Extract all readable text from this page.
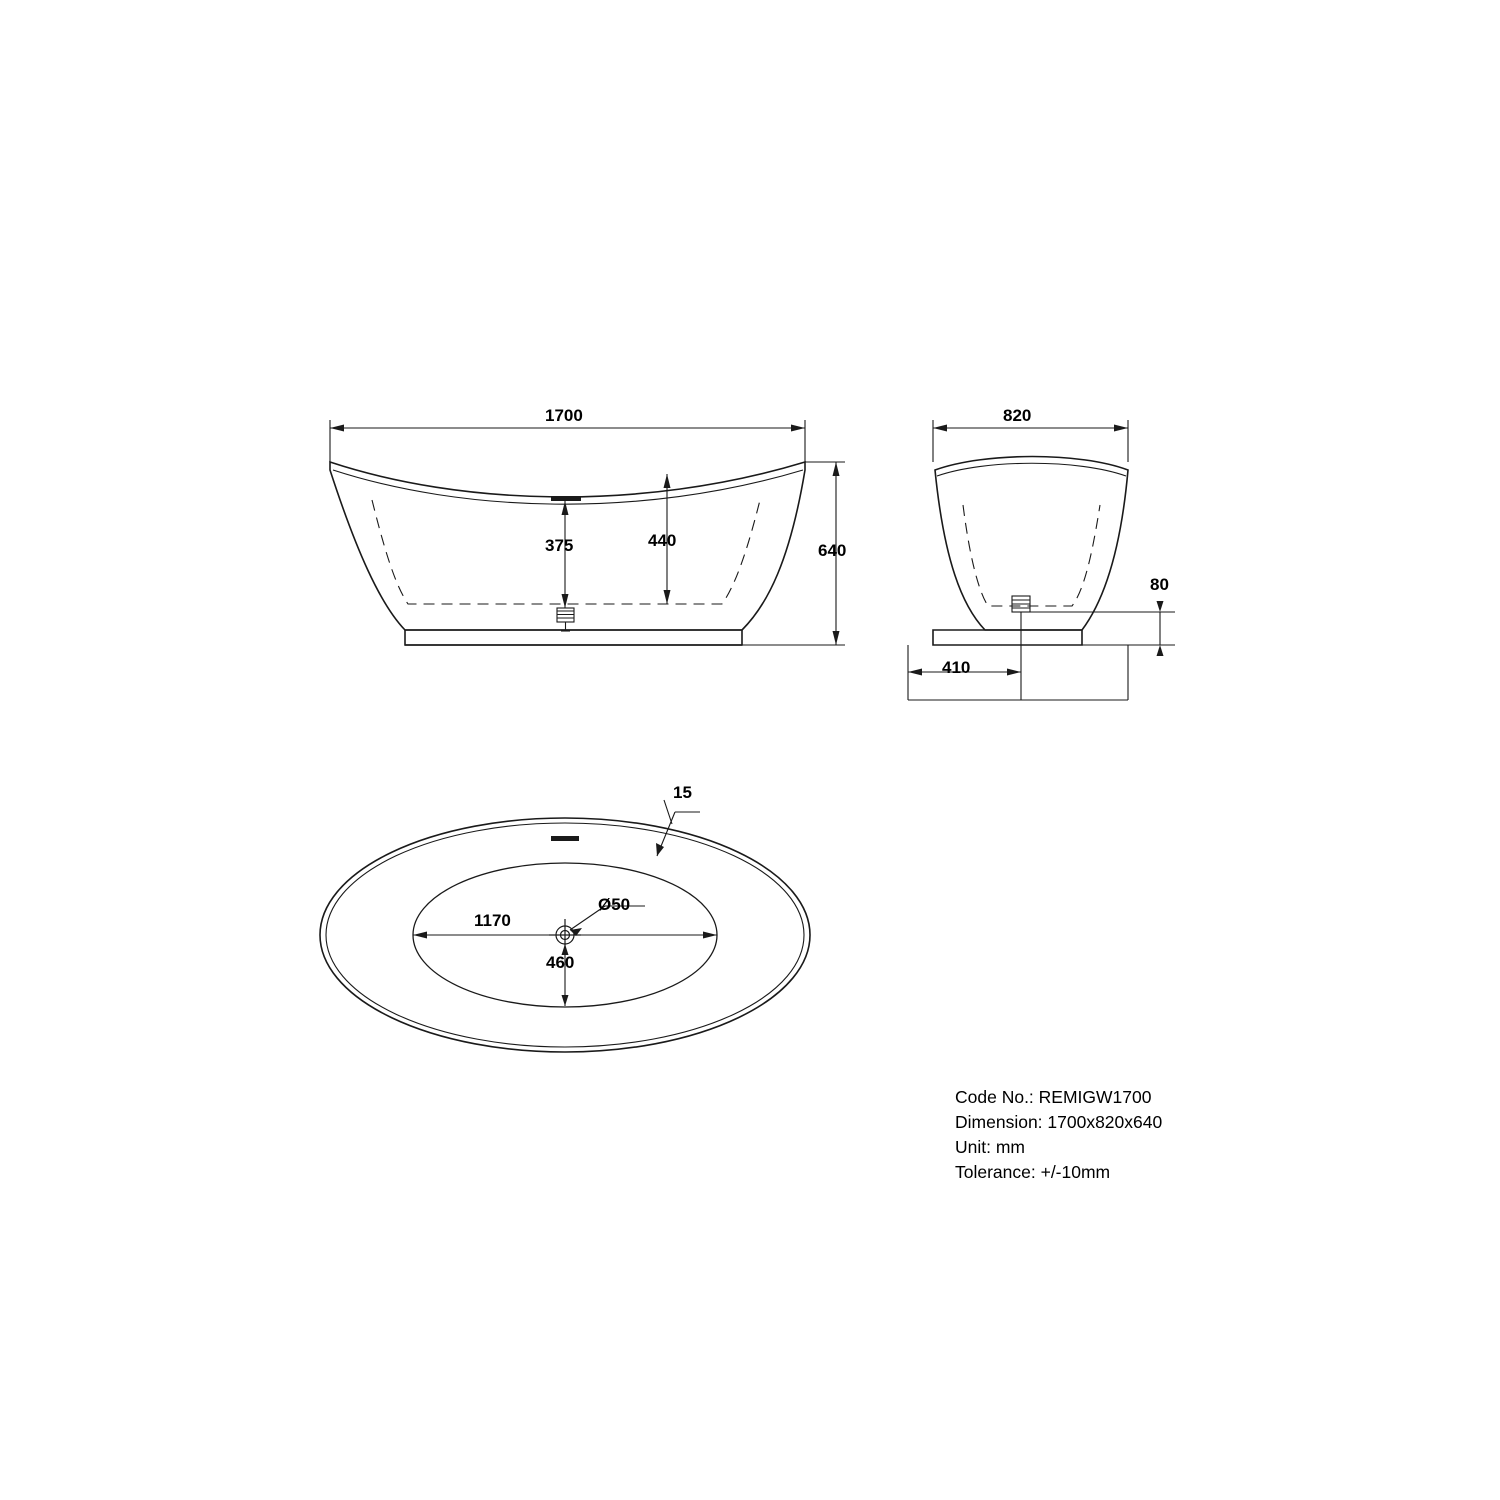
1700
640
375	440
820
410
80
15
1170
460
Ø50
Code No.: REMIGW1700
Dimension: 1700x820x640
Unit: mm
Tolerance: +/-10mm
